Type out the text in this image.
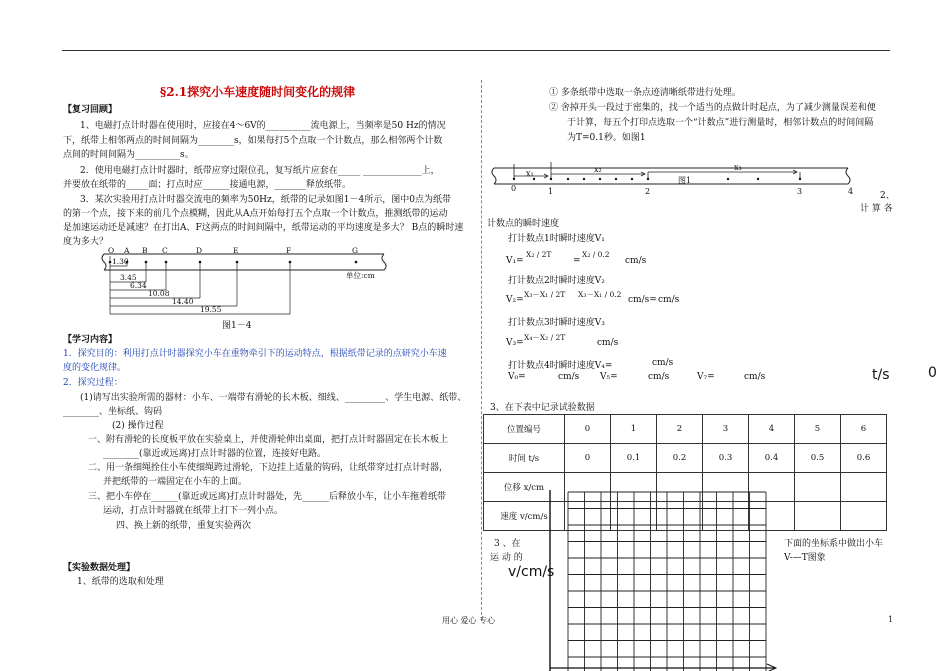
§2.1探究小车速度随时间变化的规律
【复习回顾】
1、电磁打点计时器在使用时，应接在4～6V的__________流电源上，当频率是50 Hz的情况
下，纸带上相邻两点的时间间隔为________s，如果每打5个点取一个计数点，那么相邻两个计数
点间的时间间隔为__________s。
2．使用电磁打点计时器时，纸带应穿过限位孔，复写纸片应套在_____ _____________上，
并要放在纸带的_____面；打点时应______接通电源，_______释放纸带。
3．某次实验用打点计时器交流电的频率为50Hz，纸带的记录如图1－4所示，图中0点为纸带
的第一个点，接下来的前几个点模糊，因此从A点开始每打五个点取一个计数点，推测纸带的运动
是加速运动还是减速？在打出A、F这两点的时间间隔中，纸带运动的平均速度是多大？ B点的瞬时速
度为多大？
O A B C	D	E	F	G
1.30
3.45
6.34
10.08
14.40
19.55
单位:cm
图1－4
【学习内容】
1．探究目的：利用打点计时器探究小车在重物牵引下的运动特点，根据纸带记录的点研究小车速
度的变化规律。
2．探究过程：
(1)请写出实验所需的器材：小车、一端带有滑轮的长木板、细线、_________、学生电源、纸带、
________、坐标纸、钩码
(2) 操作过程
一、附有滑轮的长度板平放在实验桌上，并使滑轮伸出桌面，把打点计时器固定在长木板上
________(靠近或远离)打点计时器的位置，连接好电路。
二、用一条细绳拴住小车使细绳跨过滑轮，下边挂上适量的钩码，让纸带穿过打点计时器，
并把纸带的一端固定在小车的上面。
三、把小车停在______(靠近或远离)打点计时器处，先______后释放小车，让小车拖着纸带
运动，打点计时器就在纸带上打下一列小点。
四、换上新的纸带，重复实验两次
【实验数据处理】
1、纸带的选取和处理
① 多条纸带中选取一条点迹清晰纸带进行处理。
② 舍掉开头一段过于密集的，找一个适当的点做计时起点，为了减少测量误差和便
于计算，每五个打印点选取一个“计数点”进行测量时，相邻计数点的时间间隔
为T=0.1秒。如图1
x₁	x₂	x₃
图1
0	1	2	3	4	2、
计 算 各
计数点的瞬时速度
打计数点1时瞬时速度V₁
V₁=
X₂ / 2T
=
X₂ / 0.2
cm/s
打计数点2时瞬时速度V₂
V₂=
X₃－X₁ / 2T X₃－X₁ / 0.2
cm/s= cm/s
打计数点3时瞬时速度V₃
V₃=
X₄－X₂ / 2T
cm/s
打计数点4时瞬时速度V₄=	cm/s
V₀=	cm/s V₅=	cm/s	V₇=	cm/s	t/s	0
3、在下表中记录试验数据
位置编号	0	1	2	3	4	5	6
时间 t/s	0	0.1	0.2	0.3	0.4	0.5	0.6
位移 x/cm							
速度 v/cm/s							
3 、在	下面的坐标系中做出小车
运 动 的	V-—T图象
v/cm/s
用心 爱心 专心	1
